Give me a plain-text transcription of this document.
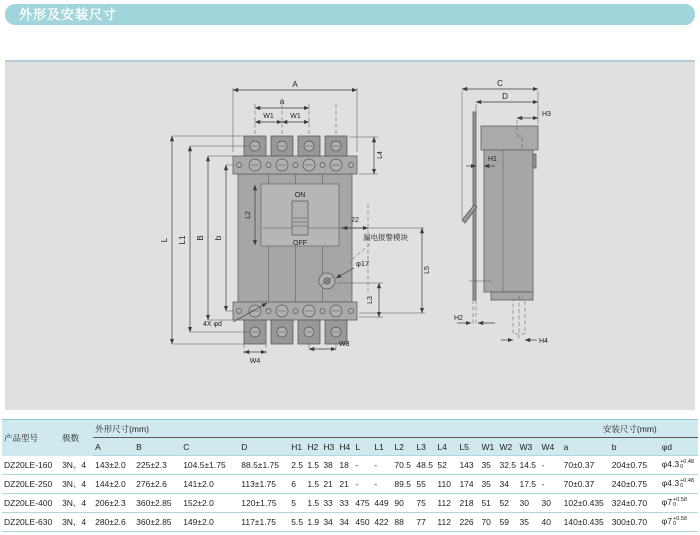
外形及安装尺寸
ON
OFF
A
a
W1 W1
L4
L L1 B b
L2
22
漏电报警模块
φ17
L3
L5
4X φd
W4
W3
C
D
H3
H1
H2
H4
产品型号	极数	外形尺寸(mm)																		安装尺寸(mm)		
		A	B	C	D	H1	H2	H3	H4	L	L1	L2	L3	L4	L5	W1	W2	W3	W4	a	b	φd
DZ20LE-160	3N、4	143±2.0	225±2.3	104.5±1.75	88.5±1.75	2.5	1.5	38	18	-	-	70.5	48.5	52	143	35	32.5	14.5	-	70±0.37	204±0.75	φ4.3 +0.48
0

DZ20LE-250	3N、4	144±2.0	276±2.6	141±2.0	113±1.75	6	1.5	21	21	-	-	89.5	55	110	174	35	34	17.5	-	70±0.37	240±0.75	φ4.3 +0.48
0

DZ20LE-400	3N、4	206±2.3	360±2.85	152±2.0	120±1.75	5	1.5	33	33	475	449	90	75	112	218	51	52	30	30	102±0.435	324±0.70	φ7 +0.58
0

DZ20LE-630	3N、4	280±2.6	360±2.85	149±2.0	117±1.75	5.5	1.9	34	34	450	422	88	77	112	226	70	59	35	40	140±0.435	300±0.70	φ7 +0.58
0
